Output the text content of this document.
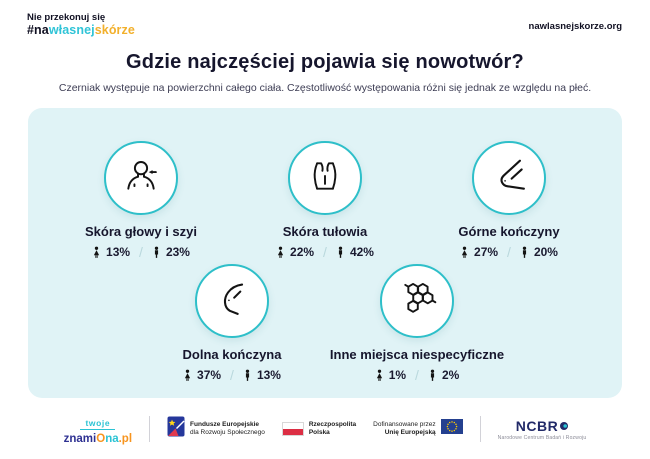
Nie przekonuj się
#nawłasnejskórze	nawlasnejskorze.org
Gdzie najczęściej pojawia się nowotwór?
Czerniak występuje na powierzchni całego ciała. Częstotliwość występowania różni się jednak ze względu na płeć.
Skóra głowy i szyi
13% / 23%
Skóra tułowia
22% / 42%
Górne kończyny
27% / 20%
Dolna kończyna
37% / 13%
Inne miejsca niespecyficzne
1% / 2%
twoje
znamiOna.pl
Fundusze Europejskie
dla Rozwoju Społecznego
Rzeczpospolita
Polska
Dofinansowane przez
Unię Europejską	NCBR
Narodowe Centrum Badań i Rozwoju
